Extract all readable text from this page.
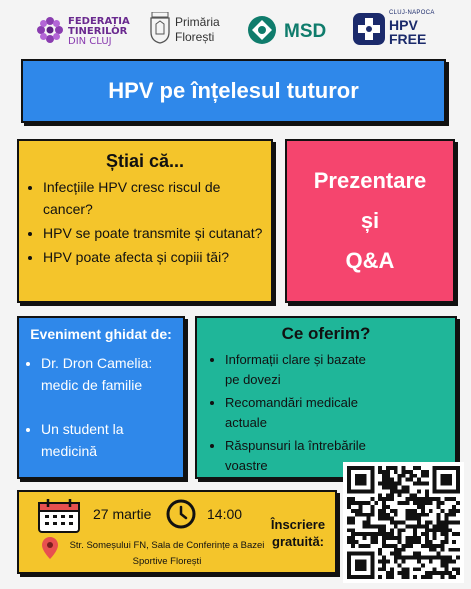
FEDERAȚIA
TINERILOR
DIN CLUJ
Primăria
Florești	MSD
CLUJ-NAPOCA
HPV
FREE
HPV pe înțelesul tuturor
Știai că...
• Infecțiile HPV cresc riscul de cancer?
• HPV se poate transmite și cutanat?
• HPV poate afecta și copiii tăi?
Prezentare
și
Q&A
Eveniment ghidat de:
• Dr. Dron Camelia: medic de familie
• Un student la medicină
Ce oferim?
• Informații clare și bazate pe dovezi
• Recomandări medicale actuale
• Răspunsuri la întrebările voastre
27 martie	14:00
Înscriere gratuită:
Str. Someșului FN, Sala de Conferințe a Bazei Sportive Florești
